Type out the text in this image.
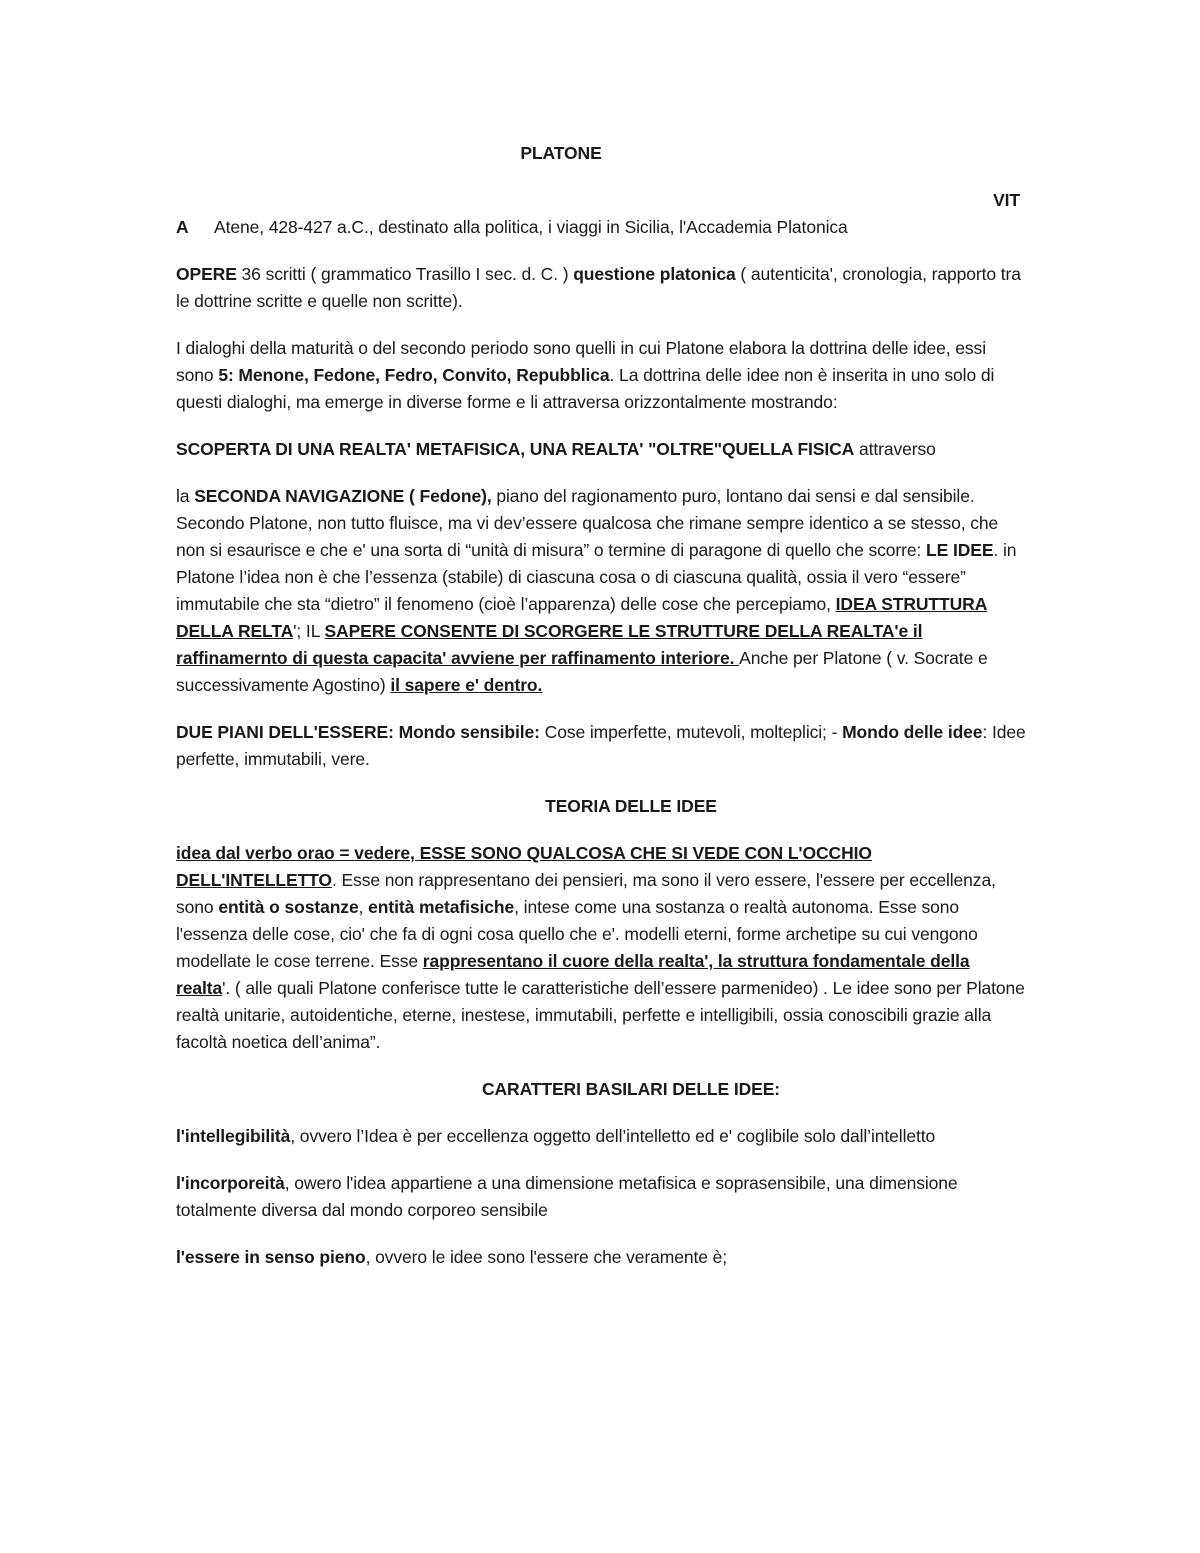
PLATONE

VIT

A Atene, 428-427 a.C., destinato alla politica, i viaggi in Sicilia, l'Accademia Platonica

OPERE 36 scritti ( grammatico Trasillo I sec. d. C. ) questione platonica ( autenticita', cronologia, rapporto tra le dottrine scritte e quelle non scritte).

I dialoghi della maturità o del secondo periodo sono quelli in cui Platone elabora la dottrina delle idee, essi sono 5: Menone, Fedone, Fedro, Convito, Repubblica. La dottrina delle idee non è inserita in uno solo di questi dialoghi, ma emerge in diverse forme e li attraversa orizzontalmente mostrando:

SCOPERTA DI UNA REALTA' METAFISICA, UNA REALTA' "OLTRE"QUELLA FISICA attraverso

la SECONDA NAVIGAZIONE ( Fedone), piano del ragionamento puro, lontano dai sensi e dal sensibile. Secondo Platone, non tutto fluisce, ma vi dev’essere qualcosa che rimane sempre identico a se stesso, che non si esaurisce e che e' una sorta di “unità di misura” o termine di paragone di quello che scorre: LE IDEE. in Platone l’idea non è che l’essenza (stabile) di ciascuna cosa o di ciascuna qualità, ossia il vero “essere” immutabile che sta “dietro” il fenomeno (cioè l’apparenza) delle cose che percepiamo, IDEA STRUTTURA DELLA RELTA'; IL SAPERE CONSENTE DI SCORGERE LE STRUTTURE DELLA REALTA'e il raffinamernto di questa capacita' avviene per raffinamento interiore. Anche per Platone ( v. Socrate e successivamente Agostino) il sapere e' dentro.

DUE PIANI DELL'ESSERE: Mondo sensibile: Cose imperfette, mutevoli, molteplici; - Mondo delle idee: Idee perfette, immutabili, vere.

TEORIA DELLE IDEE

idea dal verbo orao = vedere, ESSE SONO QUALCOSA CHE SI VEDE CON L'OCCHIO DELL'INTELLETTO. Esse non rappresentano dei pensieri, ma sono il vero essere, l'essere per eccellenza, sono entità o sostanze, entità metafisiche, intese come una sostanza o realtà autonoma. Esse sono l'essenza delle cose, cio' che fa di ogni cosa quello che e'. modelli eterni, forme archetipe su cui vengono modellate le cose terrene. Esse rappresentano il cuore della realta', la struttura fondamentale della realta'. ( alle quali Platone conferisce tutte le caratteristiche dell’essere parmenideo) . Le idee sono per Platone realtà unitarie, autoidentiche, eterne, inestese, immutabili, perfette e intelligibili, ossia conoscibili grazie alla facoltà noetica dell’anima”.

CARATTERI BASILARI DELLE IDEE:

l'intellegibilità, ovvero l’Idea è per eccellenza oggetto dell’intelletto ed e' coglibile solo dall’intelletto

l'incorporeità, owero l'idea appartiene a una dimensione metafisica e soprasensibile, una dimensione totalmente diversa dal mondo corporeo sensibile

l'essere in senso pieno, ovvero le idee sono l'essere che veramente è;
